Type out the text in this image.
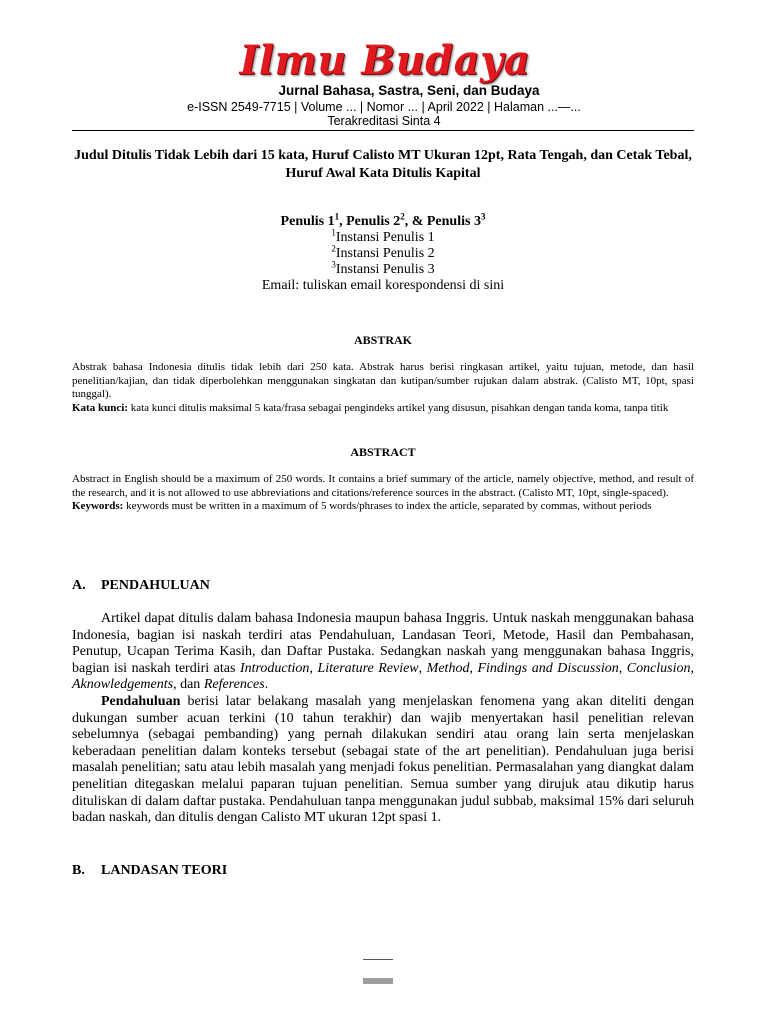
Ilmu Budaya
Jurnal Bahasa, Sastra, Seni, dan Budaya
e-ISSN 2549-7715 | Volume ... | Nomor ... | April 2022 | Halaman ...—...
Terakreditasi Sinta 4
Judul Ditulis Tidak Lebih dari 15 kata, Huruf Calisto MT Ukuran 12pt, Rata Tengah, dan Cetak Tebal, Huruf Awal Kata Ditulis Kapital
Penulis $1^1$, Penulis $2^2$, & Penulis $3^3$
$^1$Instansi Penulis 1
$^2$Instansi Penulis 2
$^3$Instansi Penulis 3
Email: tuliskan email korespondensi di sini
ABSTRAK

Abstrak bahasa Indonesia ditulis tidak lebih dari 250 kata. Abstrak harus berisi ringkasan artikel, yaitu tujuan, metode, dan hasil penelitian/kajian, dan tidak diperbolehkan menggunakan singkatan dan kutipan/sumber rujukan dalam abstrak. (Calisto MT, 10pt, spasi tunggal).

Kata kunci: kata kunci ditulis maksimal 5 kata/frasa sebagai pengindeks artikel yang disusun, pisahkan dengan tanda koma, tanpa titik

ABSTRACT

Abstract in English should be a maximum of 250 words. It contains a brief summary of the article, namely objective, method, and result of the research, and it is not allowed to use abbreviations and citations/reference sources in the abstract. (Calisto MT, 10pt, single-spaced).

Keywords: keywords must be written in a maximum of 5 words/phrases to index the article, separated by commas, without periods

A. PENDAHULUAN

Artikel dapat ditulis dalam bahasa Indonesia maupun bahasa Inggris. Untuk naskah menggunakan bahasa Indonesia, bagian isi naskah terdiri atas Pendahuluan, Landasan Teori, Metode, Hasil dan Pembahasan, Penutup, Ucapan Terima Kasih, dan Daftar Pustaka. Sedangkan naskah yang menggunakan bahasa Inggris, bagian isi naskah terdiri atas Introduction, Literature Review, Method, Findings and Discussion, Conclusion, Aknowledgements, dan References.

Pendahuluan berisi latar belakang masalah yang menjelaskan fenomena yang akan diteliti dengan dukungan sumber acuan terkini (10 tahun terakhir) dan wajib menyertakan hasil penelitian relevan sebelumnya (sebagai pembanding) yang pernah dilakukan sendiri atau orang lain serta menjelaskan keberadaan penelitian dalam konteks tersebut (sebagai state of the art penelitian). Pendahuluan juga berisi masalah penelitian; satu atau lebih masalah yang menjadi fokus penelitian. Permasalahan yang diangkat dalam penelitian ditegaskan melalui paparan tujuan penelitian. Semua sumber yang dirujuk atau dikutip harus dituliskan di dalam daftar pustaka. Pendahuluan tanpa menggunakan judul subbab, maksimal 15% dari seluruh badan naskah, dan ditulis dengan Calisto MT ukuran 12pt spasi 1.

B. LANDASAN TEORI
